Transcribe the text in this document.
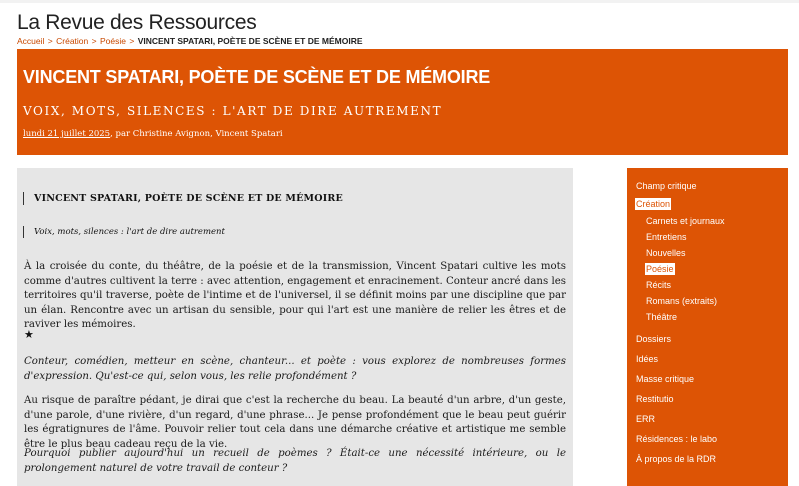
La Revue des Ressources
Accueil > Création > Poésie > VINCENT SPATARI, POÈTE DE SCÈNE ET DE MÉMOIRE
VINCENT SPATARI, POÈTE DE SCÈNE ET DE MÉMOIRE
VOIX, MOTS, SILENCES : L'ART DE DIRE AUTREMENT
lundi 21 juillet 2025, par Christine Avignon, Vincent Spatari
VINCENT SPATARI, POÈTE DE SCÈNE ET DE MÉMOIRE
Voix, mots, silences : l'art de dire autrement

À la croisée du conte, du théâtre, de la poésie et de la transmission, Vincent Spatari cultive les mots comme d'autres cultivent la terre : avec attention, engagement et enracinement. Conteur ancré dans les territoires qu'il traverse, poète de l'intime et de l'universel, il se définit moins par une discipline que par un élan. Rencontre avec un artisan du sensible, pour qui l'art est une manière de relier les êtres et de raviver les mémoires.

★

Conteur, comédien, metteur en scène, chanteur... et poète : vous explorez de nombreuses formes d'expression. Qu'est-ce qui, selon vous, les relie profondément ?

Au risque de paraître pédant, je dirai que c'est la recherche du beau. La beauté d'un arbre, d'un geste, d'une parole, d'une rivière, d'un regard, d'une phrase... Je pense profondément que le beau peut guérir les égratignures de l'âme. Pouvoir relier tout cela dans une démarche créative et artistique me semble être le plus beau cadeau reçu de la vie.

Pourquoi publier aujourd'hui un recueil de poèmes ? Était-ce une nécessité intérieure, ou le prolongement naturel de votre travail de conteur ?

Champ critique
Création
Carnets et journaux
Entretiens
Nouvelles
Poésie
Récits
Romans (extraits)
Théâtre
Dossiers
Idées
Masse critique
Restitutio
ERR
Résidences : le labo
À propos de la RDR
